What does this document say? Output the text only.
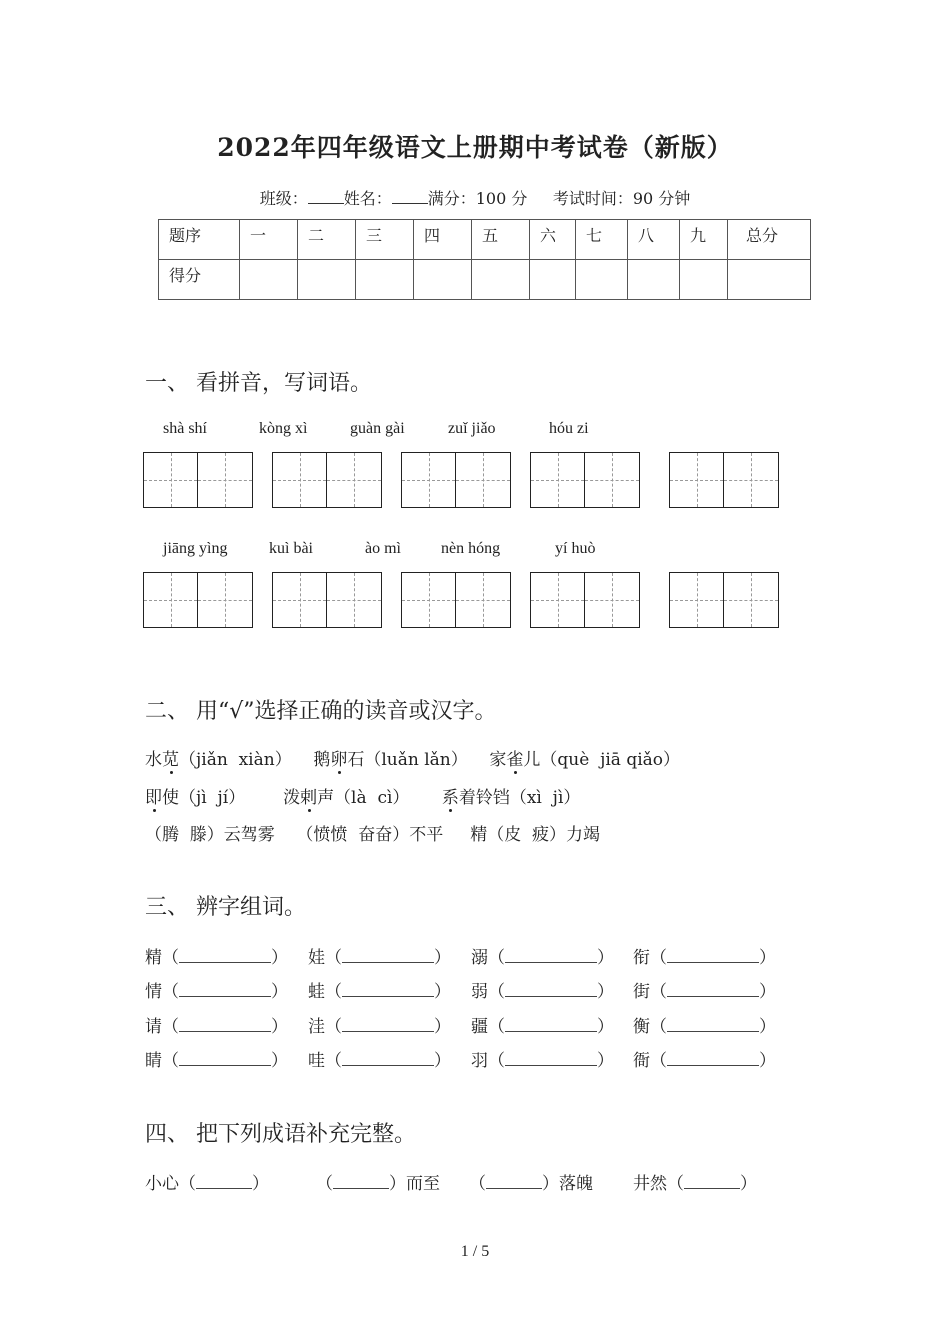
2022年四年级语文上册期中考试卷（新版）
班级： 姓名： 满分：100 分 考试时间：90 分钟
题序	一	二	三	四	五	六	七	八	九	总分
得分										
一、 看拼音，写词语。
shà shí	kòng xì	guàn gài	zuǐ jiǎo	hóu zi
jiāng yìng	kuì bài	ào mì	nèn hóng	yí huò
二、 用“√”选择正确的读音或汉字。
水苋（jiǎn  xiàn） 鹅卵石（luǎn lǎn） 家雀儿（què  jiā qiǎo）
即使（jì  jí） 泼剌声（là  cì） 系着铃铛（xì  jì）
（腾  滕）云驾雾    （愤愤  奋奋）不平     精（皮  疲）力竭
三、 辨字组词。
精（	） 娃（	） 溺（	） 衔（	）
情（	） 蛙（	） 弱（	） 街（	）
请（	） 洼（	） 疆（	） 衡（	）
睛（	） 哇（	） 羽（	） 衙（	）
四、 把下列成语补充完整。
小心（	）	（	）而至 （	）落魄 井然（	）
1 / 5
